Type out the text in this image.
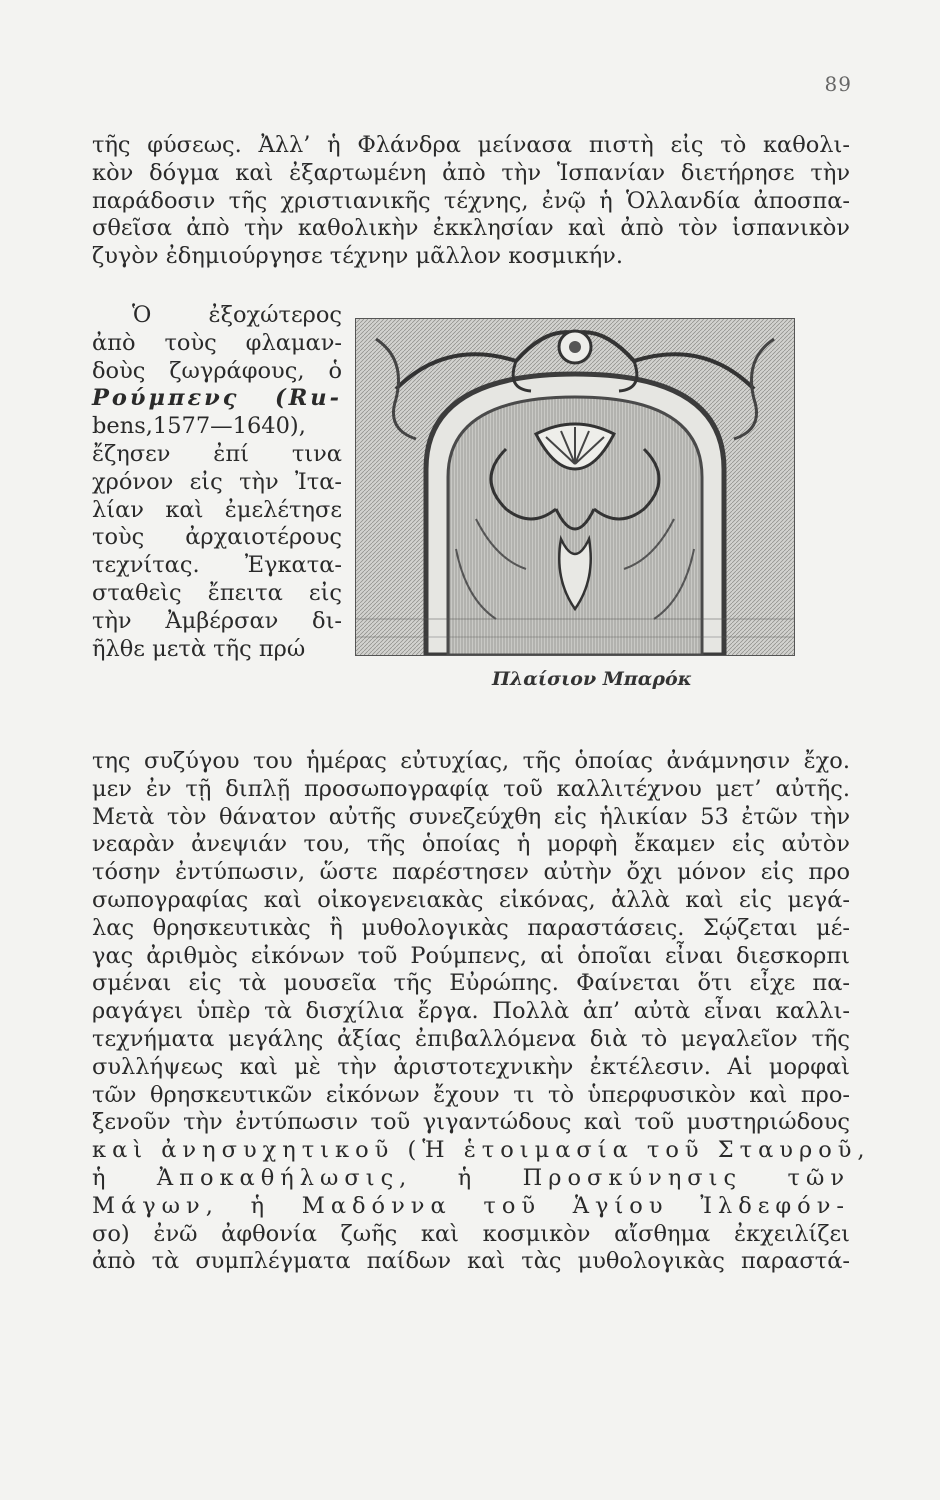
89
τῆς φύσεως. Ἀλλ’ ἡ Φλάνδρα μείνασα πιστὴ εἰς τὸ καθολι-
κὸν δόγμα καὶ ἐξαρτωμένη ἀπὸ τὴν Ἱσπανίαν διετήρησε τὴν
παράδοσιν τῆς χριστιανικῆς τέχνης, ἐνῷ ἡ Ὁλλανδία ἀποσπα-
σθεῖσα ἀπὸ τὴν καθολικὴν ἐκκλησίαν καὶ ἀπὸ τὸν ἱσπανικὸν
ζυγὸν ἐδημιούργησε τέχνην μᾶλλον κοσμικήν.
Ὁ ἐξοχώτερος
ἀπὸ τοὺς φλαμαν-
δοὺς ζωγράφους, ὁ
Ρούμπενς (Ru-
bens,1577—1640),
ἔζησεν ἐπί τινα
χρόνον εἰς τὴν Ἰτα-
λίαν καὶ ἐμελέτησε
τοὺς ἀρχαιοτέρους
τεχνίτας. Ἐγκατα-
σταθεὶς ἔπειτα εἰς
τὴν Ἀμβέρσαν δι-
ῆλθε μετὰ τῆς πρώ
Πλαίσιον Μπαρόκ
της συζύγου του ἡμέρας εὐτυχίας, τῆς ὁποίας ἀνάμνησιν ἔχο.
μεν ἐν τῇ διπλῇ προσωπογραφίᾳ τοῦ καλλιτέχνου μετ’ αὐτῆς.
Μετὰ τὸν θάνατον αὐτῆς συνεζεύχθη εἰς ἡλικίαν 53 ἐτῶν τὴν
νεαρὰν ἀνεψιάν του, τῆς ὁποίας ἡ μορφὴ ἔκαμεν εἰς αὐτὸν
τόσην ἐντύπωσιν, ὥστε παρέστησεν αὐτὴν ὄχι μόνον εἰς προ
σωπογραφίας καὶ οἰκογενειακὰς εἰκόνας, ἀλλὰ καὶ εἰς μεγά-
λας θρησκευτικὰς ἢ μυθολογικὰς παραστάσεις. Σῴζεται μέ-
γας ἀριθμὸς εἰκόνων τοῦ Ρούμπενς, αἱ ὁποῖαι εἶναι διεσκορπι
σμέναι εἰς τὰ μουσεῖα τῆς Εὐρώπης. Φαίνεται ὅτι εἶχε πα-
ραγάγει ὑπὲρ τὰ δισχίλια ἔργα. Πολλὰ ἀπ’ αὐτὰ εἶναι καλλι-
τεχνήματα μεγάλης ἀξίας ἐπιβαλλόμενα διὰ τὸ μεγαλεῖον τῆς
συλλήψεως καὶ μὲ τὴν ἀριστοτεχνικὴν ἐκτέλεσιν. Αἱ μορφαὶ
τῶν θρησκευτικῶν εἰκόνων ἔχουν τι τὸ ὑπερφυσικὸν καὶ προ-
ξενοῦν τὴν ἐντύπωσιν τοῦ γιγαντώδους καὶ τοῦ μυστηριώδους
καὶ ἀνησυχητικοῦ (Ἡ ἑτοιμασία τοῦ Σταυροῦ,
ἡ Ἀποκαθήλωσις, ἡ Προσκύνησις τῶν
Μάγων, ἡ Μαδόννα τοῦ Ἁγίου Ἰλδεφόν-
σο) ἐνῶ ἀφθονία ζωῆς καὶ κοσμικὸν αἴσθημα ἐκχειλίζει
ἀπὸ τὰ συμπλέγματα παίδων καὶ τὰς μυθολογικὰς παραστά-
